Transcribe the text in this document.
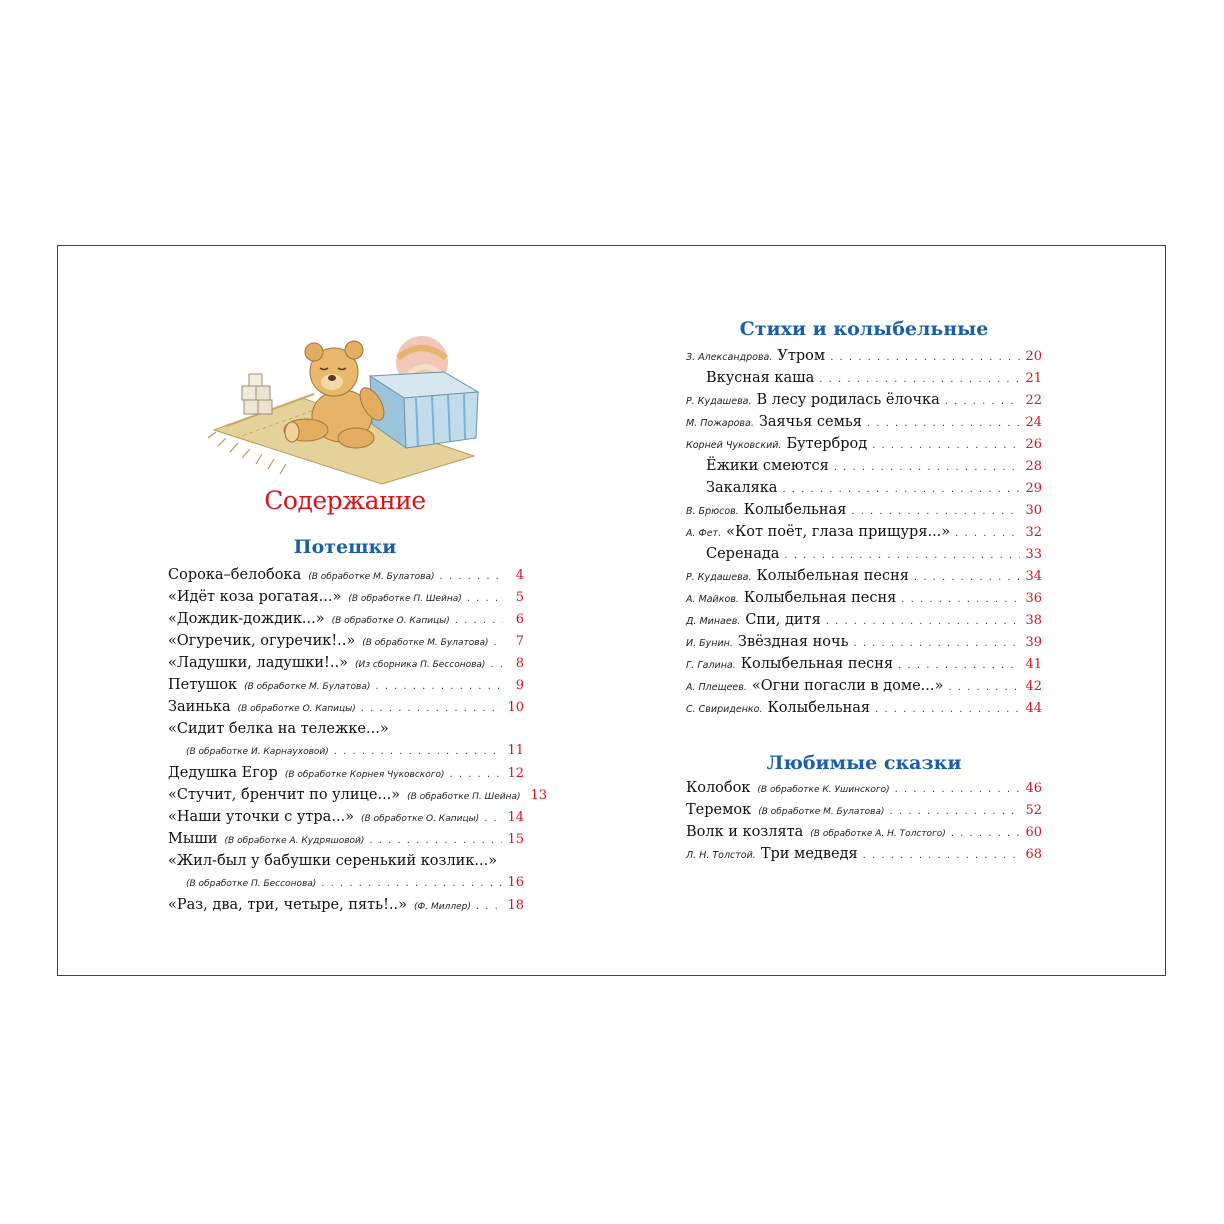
Содержание
Потешки
Сорока–белобока (В обработке М. Булатова) . . .	4
«Идёт коза рогатая...» (В обработке П. Шейна) . . .	5
«Дождик-дождик...» (В обработке О. Капицы) . . .	6
«Огуречик, огуречик!..» (В обработке М. Булатова) . . .	7
«Ладушки, ладушки!..» (Из сборника П. Бессонова) . . .	8
Петушок (В обработке М. Булатова) . . .	9
Заинька (В обработке О. Капицы) . . .	10
«Сидит белка на тележке...»
(В обработке И. Карнауховой) . . .	11
Дедушка Егор (В обработке Корнея Чуковского) . . .	12
«Стучит, бренчит по улице...» (В обработке П. Шейна) 13
«Наши уточки с утра...» (В обработке О. Капицы) . . . 14
Мыши (В обработке А. Кудряшовой) . . .	15
«Жил-был у бабушки серенький козлик...»
(В обработке П. Бессонова) . . .	16
«Раз, два, три, четыре, пять!..» (Ф. Миллер) . . .	18
Стихи и колыбельные
З. Александрова. Утром . . .	20
Вкусная каша . . .	21
Р. Кудашева. В лесу родилась ёлочка . . .	22
М. Пожарова. Заячья семья . . .	24
Корней Чуковский. Бутерброд . . .	26
Ёжики смеются . . .	28
Закаляка . . .	29
В. Брюсов. Колыбельная . . .	30
А. Фет. «Кот поёт, глаза прищуря...» . . .	32
Серенада . . .	33
Р. Кудашева. Колыбельная песня . . .	34
А. Майков. Колыбельная песня . . .	36
Д. Минаев. Спи, дитя . . .	38
И. Бунин. Звёздная ночь . . .	39
Г. Галина. Колыбельная песня . . .	41
А. Плещеев. «Огни погасли в доме...» . . .	42
С. Свириденко. Колыбельная . . .	44
Любимые сказки
Колобок (В обработке К. Ушинского) . . .	46
Теремок (В обработке М. Булатова) . . .	52
Волк и козлята (В обработке А. Н. Толстого) . . .	60
Л. Н. Толстой. Три медведя . . .	68
